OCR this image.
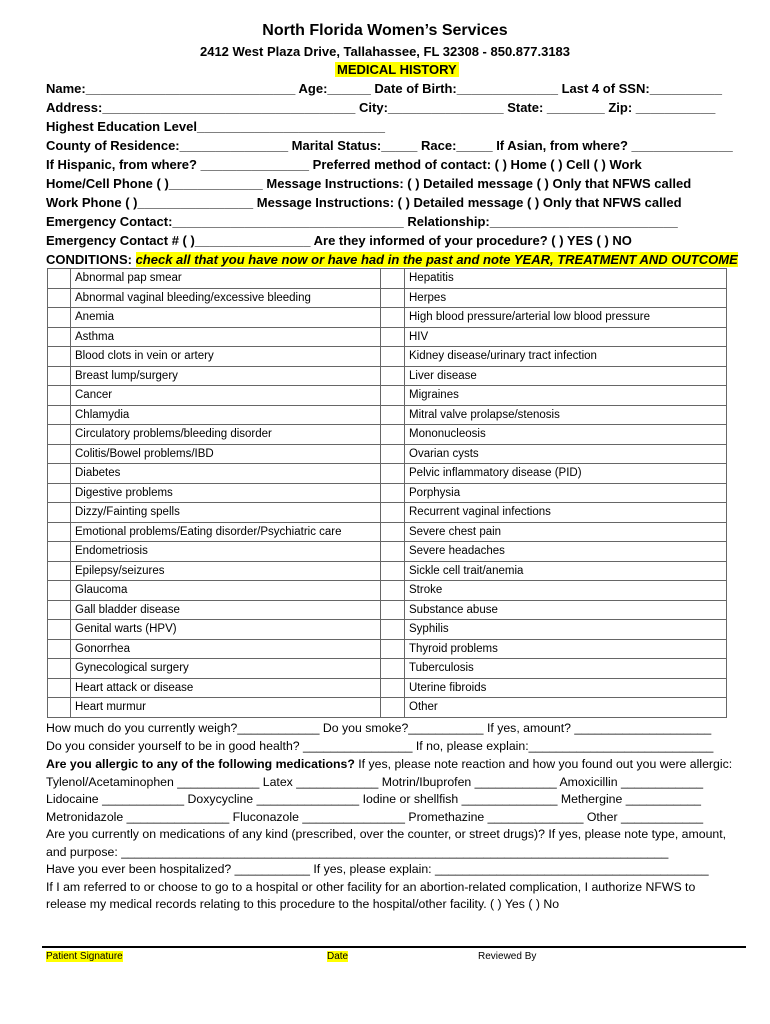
North Florida Women’s Services
2412 West Plaza Drive, Tallahassee, FL 32308 - 850.877.3183
MEDICAL HISTORY
Name:_____________________________ Age:______ Date of Birth:______________ Last 4 of SSN:__________
Address:___________________________________ City:________________ State: ________ Zip: ___________
Highest Education Level__________________________
County of Residence:_______________ Marital Status:_____ Race:_____ If Asian, from where? ______________
If Hispanic, from where? _______________ Preferred method of contact: ( ) Home ( ) Cell ( ) Work
Home/Cell Phone ( )_____________ Message Instructions: ( ) Detailed message ( ) Only that NFWS called
Work Phone ( )________________ Message Instructions: ( ) Detailed message ( ) Only that NFWS called
Emergency Contact:________________________________ Relationship:__________________________
Emergency Contact # ( )________________ Are they informed of your procedure? ( ) YES ( ) NO
CONDITIONS: check all that you have now or have had in the past and note YEAR, TREATMENT AND OUTCOME
	Abnormal pap smear		Hepatitis
	Abnormal vaginal bleeding/excessive bleeding		Herpes
	Anemia		High blood pressure/arterial low blood pressure
	Asthma		HIV
	Blood clots in vein or artery		Kidney disease/urinary tract infection
	Breast lump/surgery		Liver disease
	Cancer		Migraines
	Chlamydia		Mitral valve prolapse/stenosis
	Circulatory problems/bleeding disorder		Mononucleosis
	Colitis/Bowel problems/IBD		Ovarian cysts
	Diabetes		Pelvic inflammatory disease (PID)
	Digestive problems		Porphysia
	Dizzy/Fainting spells		Recurrent vaginal infections
	Emotional problems/Eating disorder/Psychiatric care		Severe chest pain
	Endometriosis		Severe headaches
	Epilepsy/seizures		Sickle cell trait/anemia
	Glaucoma		Stroke
	Gall bladder disease		Substance abuse
	Genital warts (HPV)		Syphilis
	Gonorrhea		Thyroid problems
	Gynecological surgery		Tuberculosis
	Heart attack or disease		Uterine fibroids
	Heart murmur		Other
How much do you currently weigh?____________ Do you smoke?___________ If yes, amount? ____________________
Do you consider yourself to be in good health? ________________ If no, please explain:___________________________
Are you allergic to any of the following medications? If yes, please note reaction and how you found out you were allergic:
Tylenol/Acetaminophen ____________ Latex ____________ Motrin/Ibuprofen ____________ Amoxicillin ____________
Lidocaine ____________ Doxycycline _______________ Iodine or shellfish ______________ Methergine ___________
Metronidazole _______________ Fluconazole _______________ Promethazine ______________ Other ____________
Are you currently on medications of any kind (prescribed, over the counter, or street drugs)? If yes, please note type, amount,
and purpose: ________________________________________________________________________________
Have you ever been hospitalized? ___________ If yes, please explain: ________________________________________
If I am referred to or choose to go to a hospital or other facility for an abortion-related complication, I authorize NFWS to
release my medical records relating to this procedure to the hospital/other facility. ( ) Yes ( ) No
Patient Signature	Date	Reviewed By
